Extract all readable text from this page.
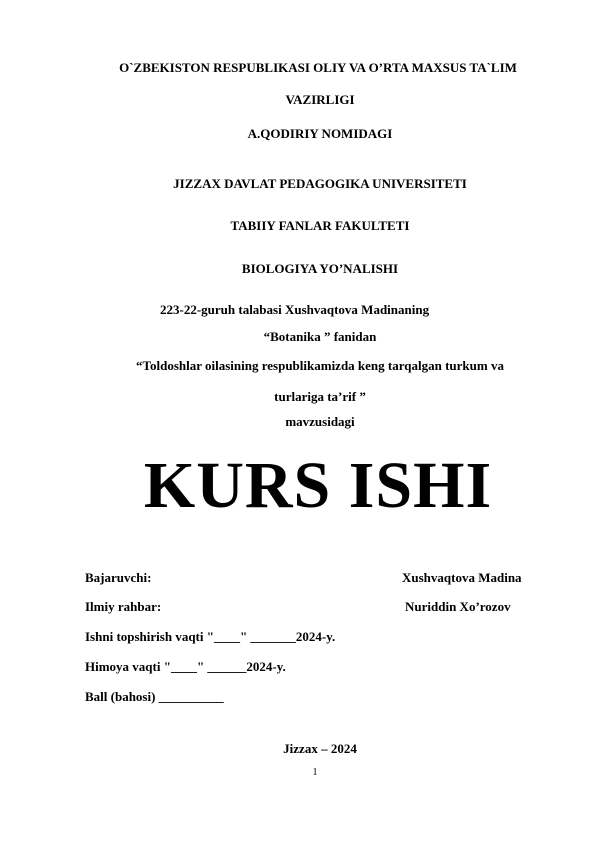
O`ZBEKISTON RESPUBLIKASI OLIY VA O’RTA MAXSUS TA`LIM
VAZIRLIGI
A.QODIRIY NOMIDAGI
JIZZAX DAVLAT PEDAGOGIKA UNIVERSITETI
TABIIY FANLAR FAKULTETI
BIOLOGIYA YO’NALISHI
223-22-guruh talabasi Xushvaqtova Madinaning
“Botanika ” fanidan
“Toldoshlar oilasining respublikamizda keng tarqalgan turkum va
turlariga ta’rif ”
mavzusidagi
KURS ISHI
Bajaruvchi:	Xushvaqtova Madina
Ilmiy rahbar:	Nuriddin Xo’rozov
Ishni topshirish vaqti "____" _______2024-y.
Himoya vaqti "____" ______2024-y.
Ball (bahosi) __________
Jizzax – 2024
1
